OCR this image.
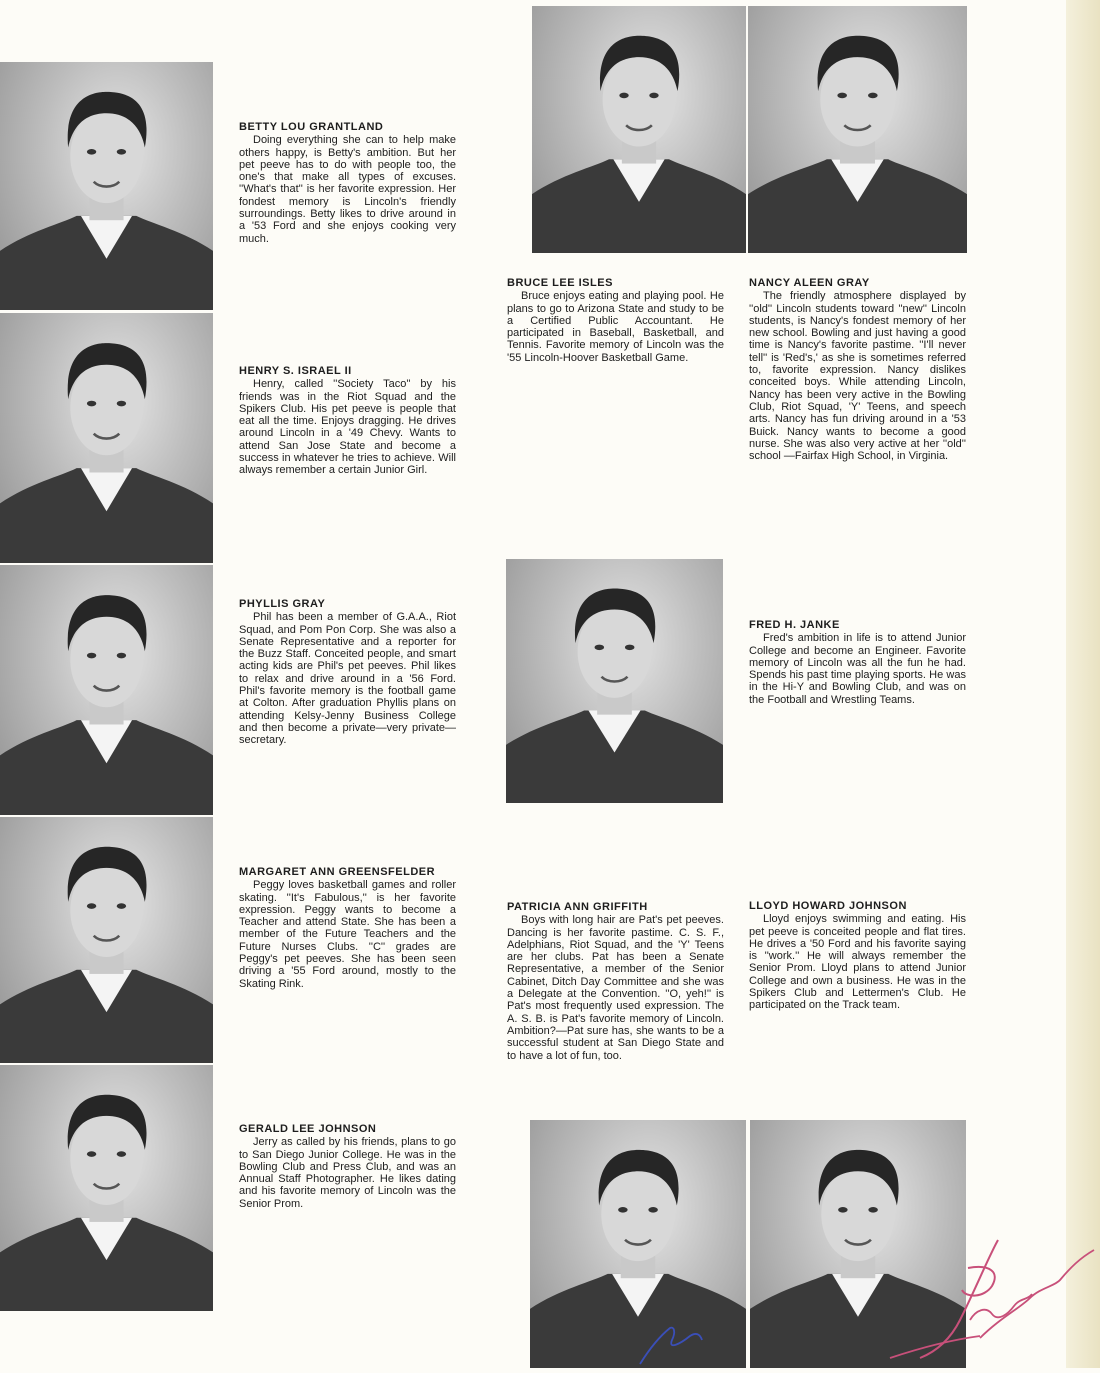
BETTY LOU GRANTLAND
Doing everything she can to help make others happy, is Betty's ambition. But her pet peeve has to do with people too, the one's that make all types of excuses. ''What's that'' is her favorite expression. Her fondest memory is Lincoln's friendly surroundings. Betty likes to drive around in a '53 Ford and she enjoys cooking very much.
HENRY S. ISRAEL II
Henry, called ''Society Taco'' by his friends was in the Riot Squad and the Spikers Club. His pet peeve is people that eat all the time. Enjoys dragging. He drives around Lincoln in a '49 Chevy. Wants to attend San Jose State and become a success in whatever he tries to achieve. Will always remember a certain Junior Girl.
PHYLLIS GRAY
Phil has been a member of G.A.A., Riot Squad, and Pom Pon Corp. She was also a Senate Representative and a reporter for the Buzz Staff. Conceited people, and smart acting kids are Phil's pet peeves. Phil likes to relax and drive around in a '56 Ford. Phil's favorite memory is the football game at Colton. After graduation Phyllis plans on attending Kelsy-Jenny Business College and then become a private—very private—secretary.
MARGARET ANN GREENSFELDER
Peggy loves basketball games and roller skating. ''It's Fabulous,'' is her favorite expression. Peggy wants to become a Teacher and attend State. She has been a member of the Future Teachers and the Future Nurses Clubs. ''C'' grades are Peggy's pet peeves. She has been seen driving a '55 Ford around, mostly to the Skating Rink.
GERALD LEE JOHNSON
Jerry as called by his friends, plans to go to San Diego Junior College. He was in the Bowling Club and Press Club, and was an Annual Staff Photographer. He likes dating and his favorite memory of Lincoln was the Senior Prom.
BRUCE LEE ISLES
Bruce enjoys eating and playing pool. He plans to go to Arizona State and study to be a Certified Public Accountant. He participated in Baseball, Basketball, and Tennis. Favorite memory of Lincoln was the '55 Lincoln-Hoover Basketball Game.
NANCY ALEEN GRAY
The friendly atmosphere displayed by ''old'' Lincoln students toward ''new'' Lincoln students, is Nancy's fondest memory of her new school. Bowling and just having a good time is Nancy's favorite pastime. ''I'll never tell'' is 'Red's,' as she is sometimes referred to, favorite expression. Nancy dislikes conceited boys. While attending Lincoln, Nancy has been very active in the Bowling Club, Riot Squad, 'Y' Teens, and speech arts. Nancy has fun driving around in a '53 Buick. Nancy wants to become a good nurse. She was also very active at her ''old'' school —Fairfax High School, in Virginia.
FRED H. JANKE
Fred's ambition in life is to attend Junior College and become an Engineer. Favorite memory of Lincoln was all the fun he had. Spends his past time playing sports. He was in the Hi-Y and Bowling Club, and was on the Football and Wrestling Teams.
PATRICIA ANN GRIFFITH
Boys with long hair are Pat's pet peeves. Dancing is her favorite pastime. C. S. F., Adelphians, Riot Squad, and the 'Y' Teens are her clubs. Pat has been a Senate Representative, a member of the Senior Cabinet, Ditch Day Committee and she was a Delegate at the Convention. ''O, yeh!'' is Pat's most frequently used expression. The A. S. B. is Pat's favorite memory of Lincoln. Ambition?—Pat sure has, she wants to be a successful student at San Diego State and to have a lot of fun, too.
LLOYD HOWARD JOHNSON
Lloyd enjoys swimming and eating. His pet peeve is conceited people and flat tires. He drives a '50 Ford and his favorite saying is ''work.'' He will always remember the Senior Prom. Lloyd plans to attend Junior College and own a business. He was in the Spikers Club and Lettermen's Club. He participated on the Track team.
